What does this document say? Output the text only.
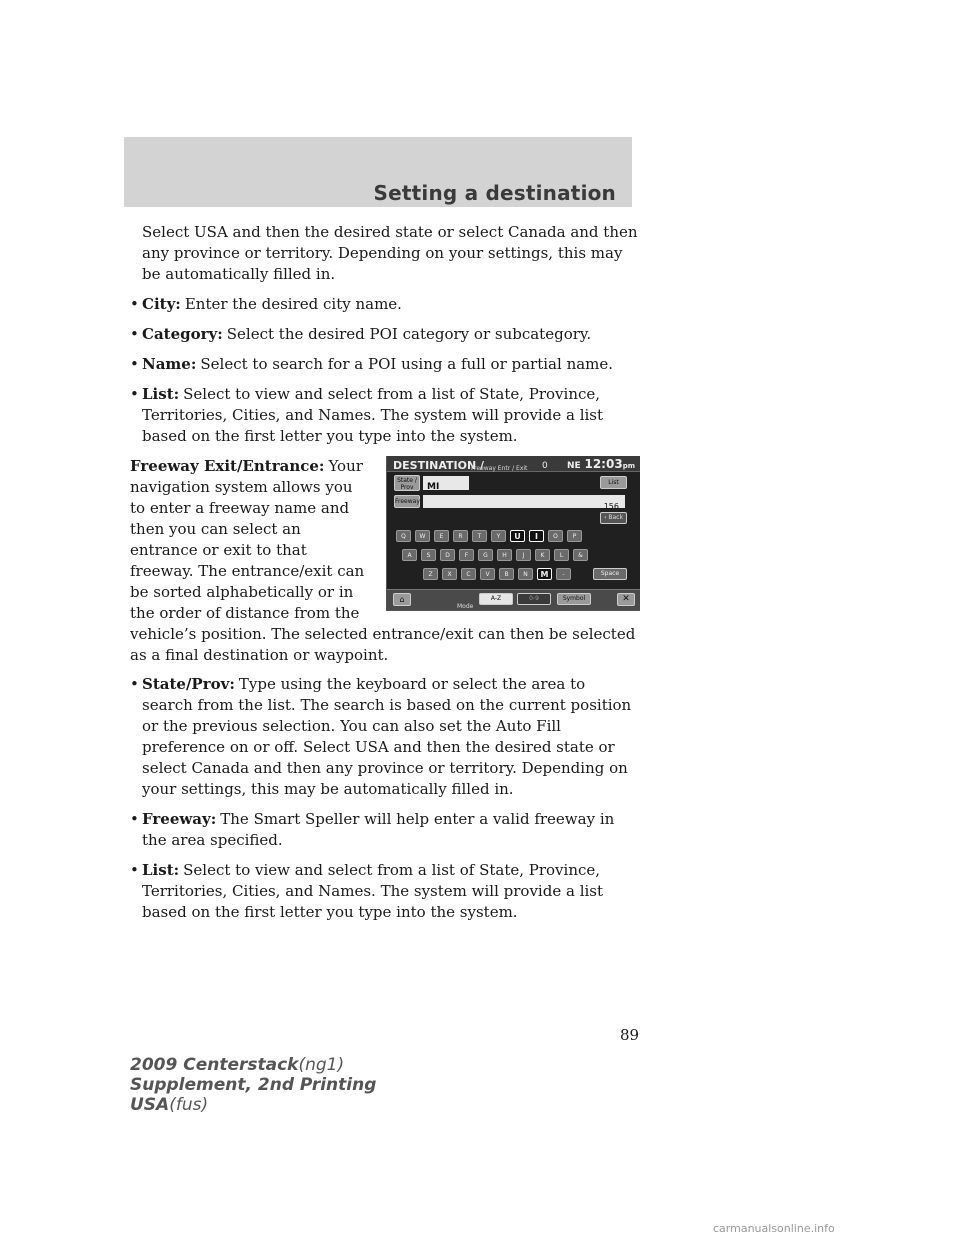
Setting a destination

Select USA and then the desired state or select Canada and then any province or territory. Depending on your settings, this may be automatically filled in.

• City: Enter the desired city name.

• Category: Select the desired POI category or subcategory.

• Name: Select to search for a POI using a full or partial name.

• List: Select to view and select from a list of State, Province, Territories, Cities, and Names. The system will provide a list based on the first letter you type into the system.

DESTINATION /
Freeway Entr / Exit 0 NE 12:03pm
State / Prov	MI	List
Freeway
156
‹ Back
Q	W	E	R	T	Y	U	I	O	P
A	S	D	F	G	H	J	K	L	&
Z	X	C	V	B	N	M	-	Space
⌂
Mode
A-Z	0-9	Symbol	✕

Freeway Exit/Entrance: Your navigation system allows you to enter a freeway name and then you can select an entrance or exit to that freeway. The entrance/exit can be sorted alphabetically or in the order of distance from the vehicle’s position. The selected entrance/exit can then be selected as a final destination or waypoint.

• State/Prov: Type using the keyboard or select the area to search from the list. The search is based on the current position or the previous selection. You can also set the Auto Fill preference on or off. Select USA and then the desired state or select Canada and then any province or territory. Depending on your settings, this may be automatically filled in.

• Freeway: The Smart Speller will help enter a valid freeway in the area specified.

• List: Select to view and select from a list of State, Province, Territories, Cities, and Names. The system will provide a list based on the first letter you type into the system.

89
2009 Centerstack(ng1)
Supplement, 2nd Printing
USA(fus)
carmanualsonline.info
